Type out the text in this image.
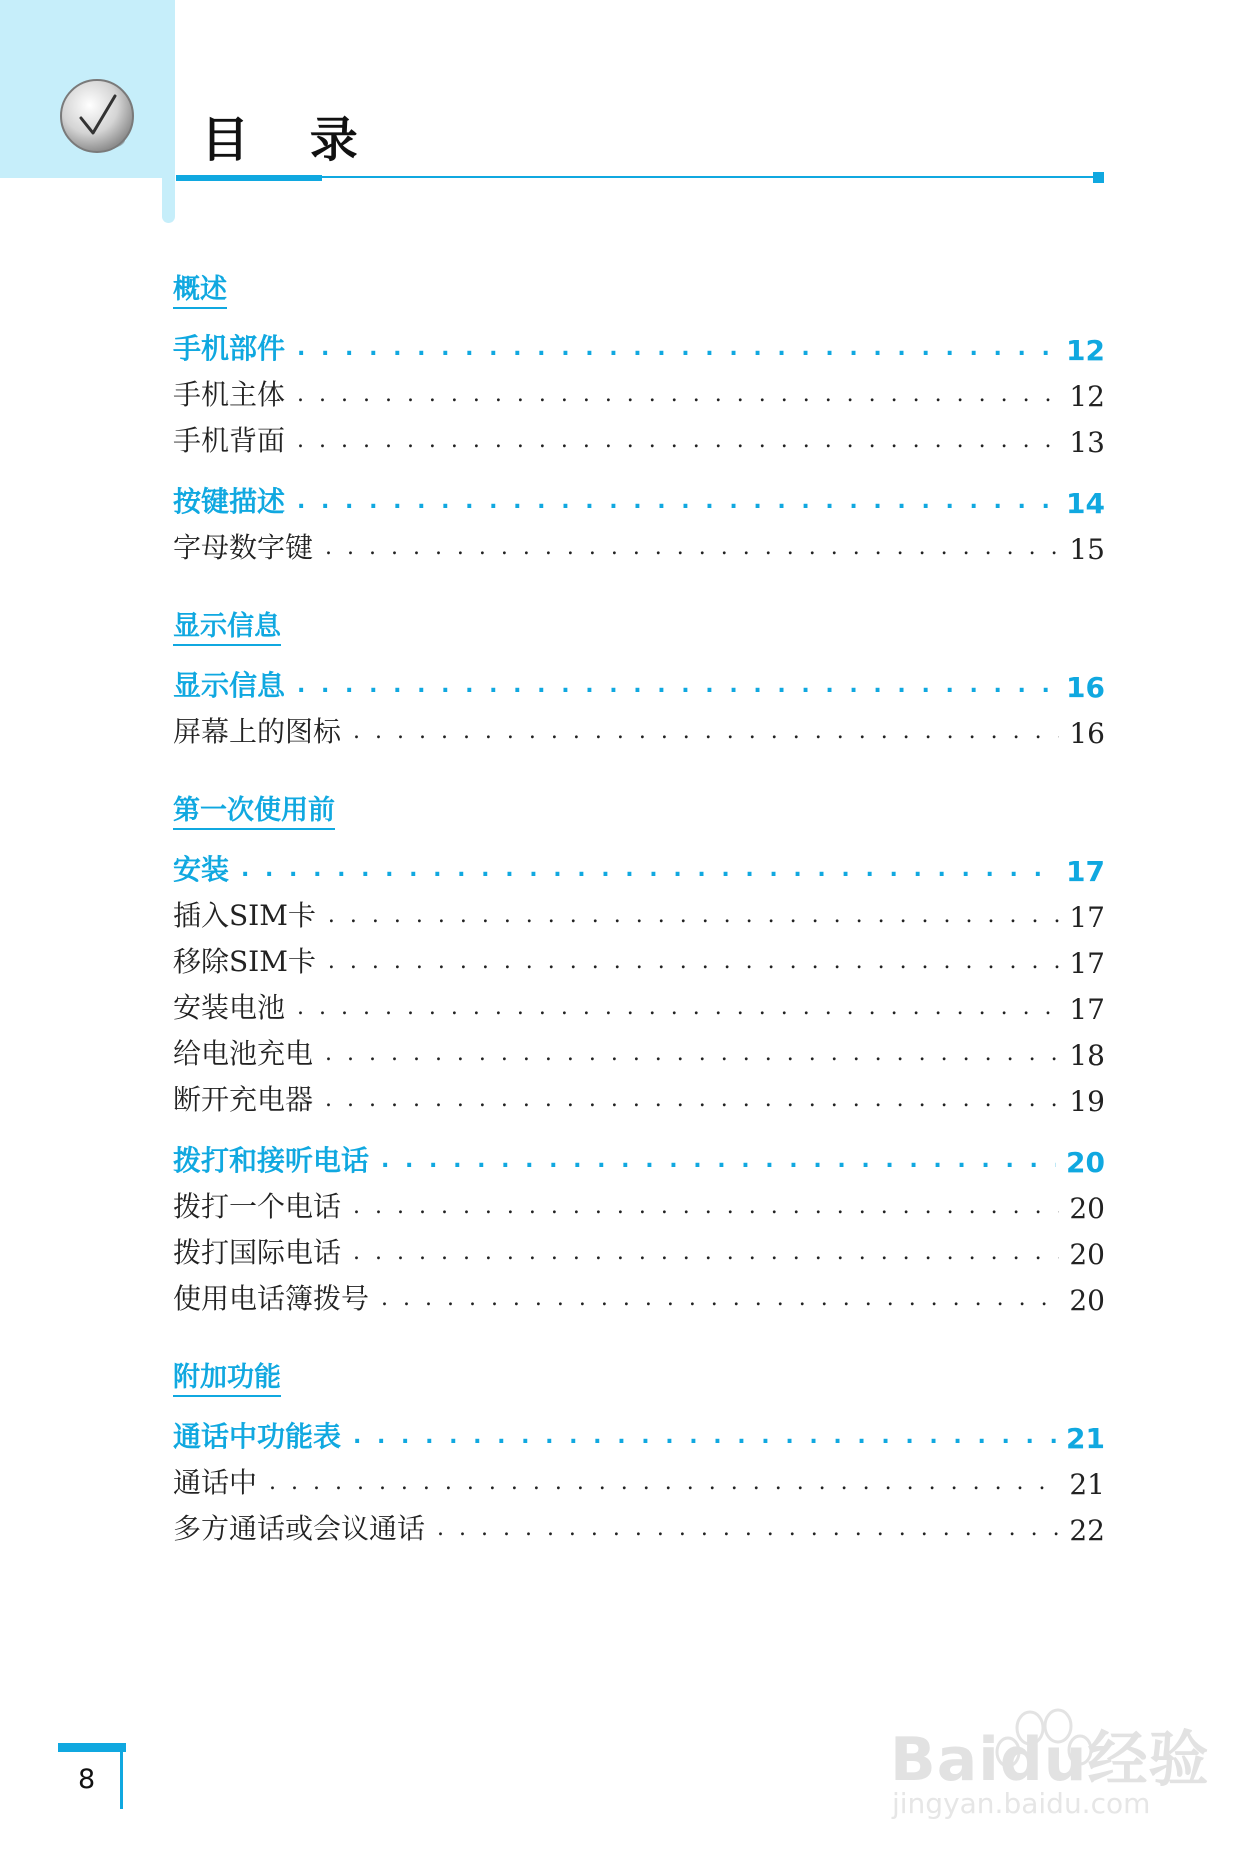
目 录
概述
手机部件 . . .	12
手机主体 . . .	12
手机背面 . . .	13
按键描述 . . .	14
字母数字键 . . .	15
显示信息
显示信息 . . .	16
屏幕上的图标 . . .	16
第一次使用前
安装 . . .	17
插入SIM卡 . . .	17
移除SIM卡 . . .	17
安装电池 . . .	17
给电池充电 . . .	18
断开充电器 . . .	19
拨打和接听电话 . . .	20
拨打一个电话 . . .	20
拨打国际电话 . . .	20
使用电话簿拨号 . . .	20
附加功能
通话中功能表 . . .	21
通话中 . . .	21
多方通话或会议通话 . . .	22

8	Baidu经验
jingyan.baidu.com
